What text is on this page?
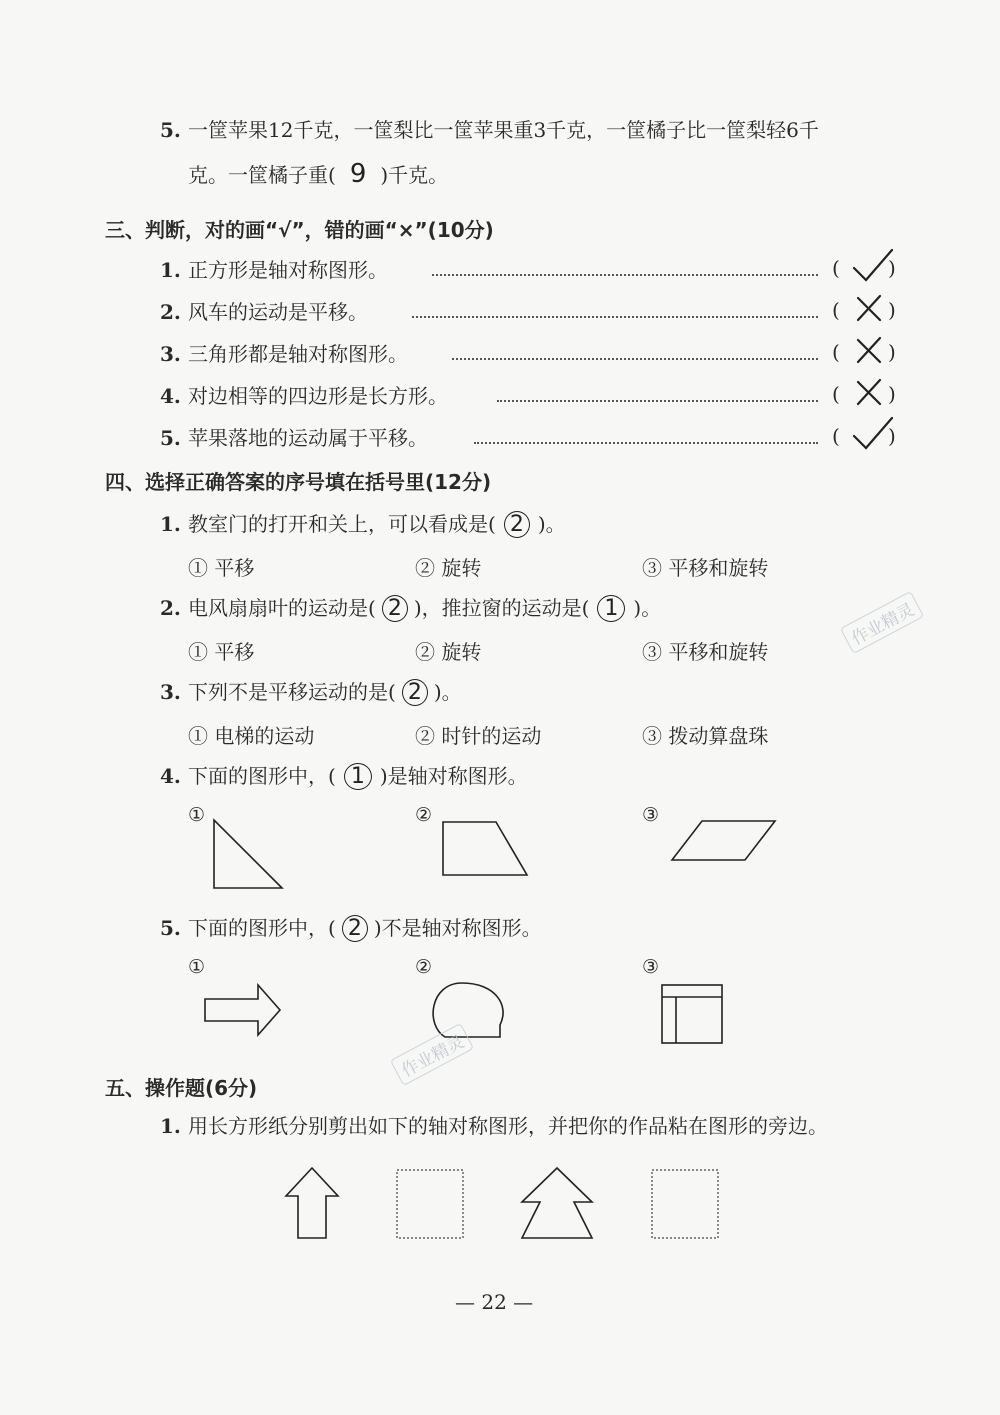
5. 一筐苹果12千克，一筐梨比一筐苹果重3千克，一筐橘子比一筐梨轻6千
克。一筐橘子重( 9 )千克。
三、判断，对的画“√”，错的画“×”(10分)
1. 正方形是轴对称图形。	( )
2. 风车的运动是平移。	( )
3. 三角形都是轴对称图形。	( )
4. 对边相等的四边形是长方形。	( )
5. 苹果落地的运动属于平移。	( )
四、选择正确答案的序号填在括号里(12分)
1. 教室门的打开和关上，可以看成是( 2 )。
① 平移	② 旋转	③ 平移和旋转
2. 电风扇扇叶的运动是( 2 )，推拉窗的运动是( 1 )。
① 平移	② 旋转	③ 平移和旋转
3. 下列不是平移运动的是( 2 )。
① 电梯的运动	② 时针的运动	③ 拨动算盘珠
4. 下面的图形中，( 1 )是轴对称图形。
①	②	③
5. 下面的图形中，( 2 )不是轴对称图形。
①	②	③
五、操作题(6分)
1. 用长方形纸分别剪出如下的轴对称图形，并把你的作品粘在图形的旁边。
作业精灵
作业精灵
— 22 —
